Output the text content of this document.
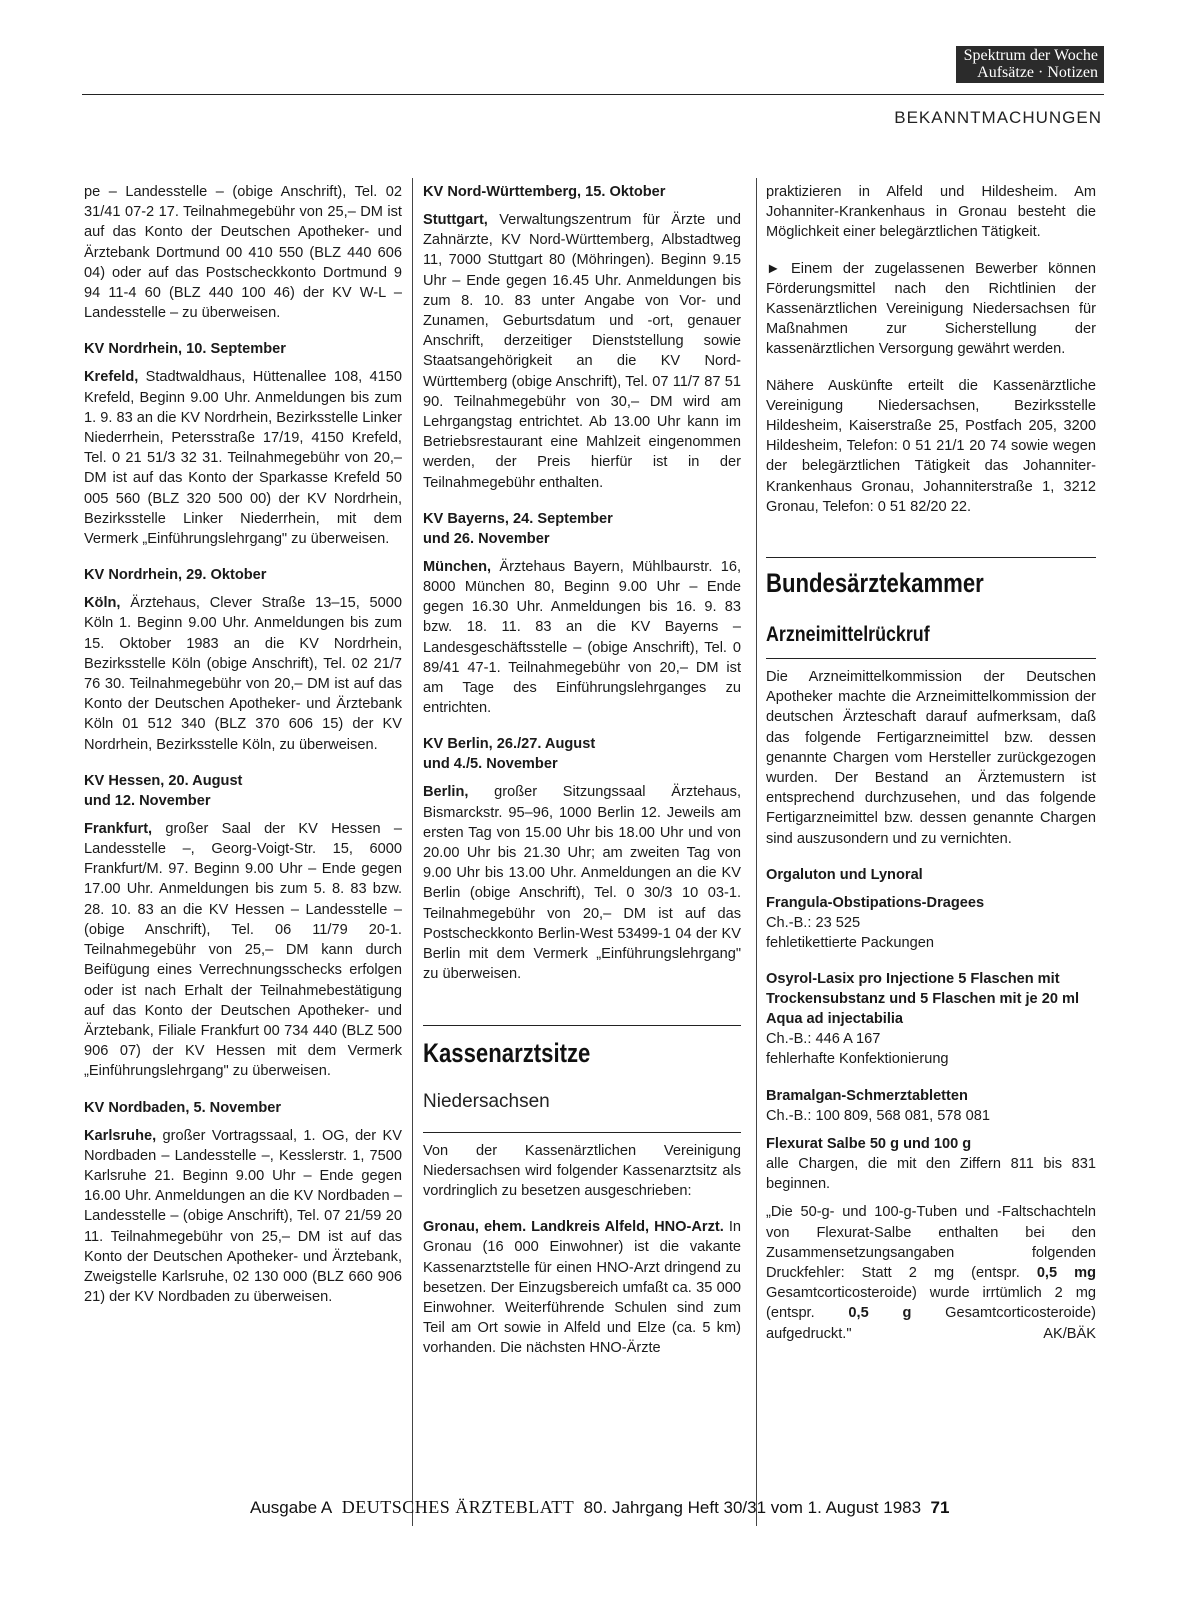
Spektrum der Woche
Aufsätze · Notizen
BEKANNTMACHUNGEN

pe – Landesstelle – (obige Anschrift), Tel. 02 31/41 07-2 17. Teilnahmegebühr von 25,– DM ist auf das Konto der Deutschen Apotheker- und Ärztebank Dortmund 00 410 550 (BLZ 440 606 04) oder auf das Postscheckkonto Dortmund 9 94 11-4 60 (BLZ 440 100 46) der KV W-L – Landesstelle – zu überweisen.

KV Nordrhein, 10. September

Krefeld, Stadtwaldhaus, Hüttenallee 108, 4150 Krefeld, Beginn 9.00 Uhr. Anmeldungen bis zum 1. 9. 83 an die KV Nordrhein, Bezirksstelle Linker Niederrhein, Petersstraße 17/19, 4150 Krefeld, Tel. 0 21 51/3 32 31. Teilnahmegebühr von 20,– DM ist auf das Konto der Sparkasse Krefeld 50 005 560 (BLZ 320 500 00) der KV Nordrhein, Bezirksstelle Linker Niederrhein, mit dem Vermerk „Einführungslehrgang" zu überweisen.

KV Nordrhein, 29. Oktober

Köln, Ärztehaus, Clever Straße 13–15, 5000 Köln 1. Beginn 9.00 Uhr. Anmeldungen bis zum 15. Oktober 1983 an die KV Nordrhein, Bezirksstelle Köln (obige Anschrift), Tel. 02 21/7 76 30. Teilnahmegebühr von 20,– DM ist auf das Konto der Deutschen Apotheker- und Ärztebank Köln 01 512 340 (BLZ 370 606 15) der KV Nordrhein, Bezirksstelle Köln, zu überweisen.

KV Hessen, 20. August
und 12. November

Frankfurt, großer Saal der KV Hessen – Landesstelle –, Georg-Voigt-Str. 15, 6000 Frankfurt/M. 97. Beginn 9.00 Uhr – Ende gegen 17.00 Uhr. Anmeldungen bis zum 5. 8. 83 bzw. 28. 10. 83 an die KV Hessen – Landesstelle – (obige Anschrift), Tel. 06 11/79 20-1. Teilnahmegebühr von 25,– DM kann durch Beifügung eines Verrechnungsschecks erfolgen oder ist nach Erhalt der Teilnahmebestätigung auf das Konto der Deutschen Apotheker- und Ärztebank, Filiale Frankfurt 00 734 440 (BLZ 500 906 07) der KV Hessen mit dem Vermerk „Einführungslehrgang" zu überweisen.

KV Nordbaden, 5. November

Karlsruhe, großer Vortragssaal, 1. OG, der KV Nordbaden – Landesstelle –, Kesslerstr. 1, 7500 Karlsruhe 21. Beginn 9.00 Uhr – Ende gegen 16.00 Uhr. Anmeldungen an die KV Nordbaden – Landesstelle – (obige Anschrift), Tel. 07 21/59 20 11. Teilnahmegebühr von 25,– DM ist auf das Konto der Deutschen Apotheker- und Ärztebank, Zweigstelle Karlsruhe, 02 130 000 (BLZ 660 906 21) der KV Nordbaden zu überweisen.

KV Nord-Württemberg, 15. Oktober

Stuttgart, Verwaltungszentrum für Ärzte und Zahnärzte, KV Nord-Württemberg, Albstadtweg 11, 7000 Stuttgart 80 (Möhringen). Beginn 9.15 Uhr – Ende gegen 16.45 Uhr. Anmeldungen bis zum 8. 10. 83 unter Angabe von Vor- und Zunamen, Geburtsdatum und -ort, genauer Anschrift, derzeitiger Dienststellung sowie Staatsangehörigkeit an die KV Nord-Württemberg (obige Anschrift), Tel. 07 11/7 87 51 90. Teilnahmegebühr von 30,– DM wird am Lehrgangstag entrichtet. Ab 13.00 Uhr kann im Betriebsrestaurant eine Mahlzeit eingenommen werden, der Preis hierfür ist in der Teilnahmegebühr enthalten.

KV Bayerns, 24. September
und 26. November

München, Ärztehaus Bayern, Mühlbaurstr. 16, 8000 München 80, Beginn 9.00 Uhr – Ende gegen 16.30 Uhr. Anmeldungen bis 16. 9. 83 bzw. 18. 11. 83 an die KV Bayerns – Landesgeschäftsstelle – (obige Anschrift), Tel. 0 89/41 47-1. Teilnahmegebühr von 20,– DM ist am Tage des Einführungslehrganges zu entrichten.

KV Berlin, 26./27. August
und 4./5. November

Berlin, großer Sitzungssaal Ärztehaus, Bismarckstr. 95–96, 1000 Berlin 12. Jeweils am ersten Tag von 15.00 Uhr bis 18.00 Uhr und von 20.00 Uhr bis 21.30 Uhr; am zweiten Tag von 9.00 Uhr bis 13.00 Uhr. Anmeldungen an die KV Berlin (obige Anschrift), Tel. 0 30/3 10 03-1. Teilnahmegebühr von 20,– DM ist auf das Postscheckkonto Berlin-West 53499-1 04 der KV Berlin mit dem Vermerk „Einführungslehrgang" zu überweisen.

Kassenarztsitze
Niedersachsen

Von der Kassenärztlichen Vereinigung Niedersachsen wird folgender Kassenarztsitz als vordringlich zu besetzen ausgeschrieben:

Gronau, ehem. Landkreis Alfeld, HNO-Arzt. In Gronau (16 000 Einwohner) ist die vakante Kassenarztstelle für einen HNO-Arzt dringend zu besetzen. Der Einzugsbereich umfaßt ca. 35 000 Einwohner. Weiterführende Schulen sind zum Teil am Ort sowie in Alfeld und Elze (ca. 5 km) vorhanden. Die nächsten HNO-Ärzte

praktizieren in Alfeld und Hildesheim. Am Johanniter-Krankenhaus in Gronau besteht die Möglichkeit einer belegärztlichen Tätigkeit.

► Einem der zugelassenen Bewerber können Förderungsmittel nach den Richtlinien der Kassenärztlichen Vereinigung Niedersachsen für Maßnahmen zur Sicherstellung der kassenärztlichen Versorgung gewährt werden.

Nähere Auskünfte erteilt die Kassenärztliche Vereinigung Niedersachsen, Bezirksstelle Hildesheim, Kaiserstraße 25, Postfach 205, 3200 Hildesheim, Telefon: 0 51 21/1 20 74 sowie wegen der belegärztlichen Tätigkeit das Johanniter-Krankenhaus Gronau, Johanniterstraße 1, 3212 Gronau, Telefon: 0 51 82/20 22.

Bundesärztekammer
Arzneimittelrückruf

Die Arzneimittelkommission der Deutschen Apotheker machte die Arzneimittelkommission der deutschen Ärzteschaft darauf aufmerksam, daß das folgende Fertigarzneimittel bzw. dessen genannte Chargen vom Hersteller zurückgezogen wurden. Der Bestand an Ärztemustern ist entsprechend durchzusehen, und das folgende Fertigarzneimittel bzw. dessen genannte Chargen sind auszusondern und zu vernichten.

Orgaluton und Lynoral
Frangula-Obstipations-Dragees

Ch.-B.: 23 525

fehletikettierte Packungen

Osyrol-Lasix pro Injectione 5 Flaschen mit Trockensubstanz und 5 Flaschen mit je 20 ml Aqua ad injectabilia

Ch.-B.: 446 A 167

fehlerhafte Konfektionierung

Bramalgan-Schmerztabletten

Ch.-B.: 100 809, 568 081, 578 081

Flexurat Salbe 50 g und 100 g

alle Chargen, die mit den Ziffern 811 bis 831 beginnen.

„Die 50-g- und 100-g-Tuben und -Faltschachteln von Flexurat-Salbe enthalten bei den Zusammensetzungsangaben folgenden Druckfehler: Statt 2 mg (entspr. 0,5 mg Gesamtcorticosteroide) wurde irrtümlich 2 mg (entspr. 0,5 g Gesamtcorticosteroide) aufgedruckt."	AK/BÄK

Ausgabe A DEUTSCHES ÄRZTEBLATT 80. Jahrgang Heft 30/31 vom 1. August 1983 71
